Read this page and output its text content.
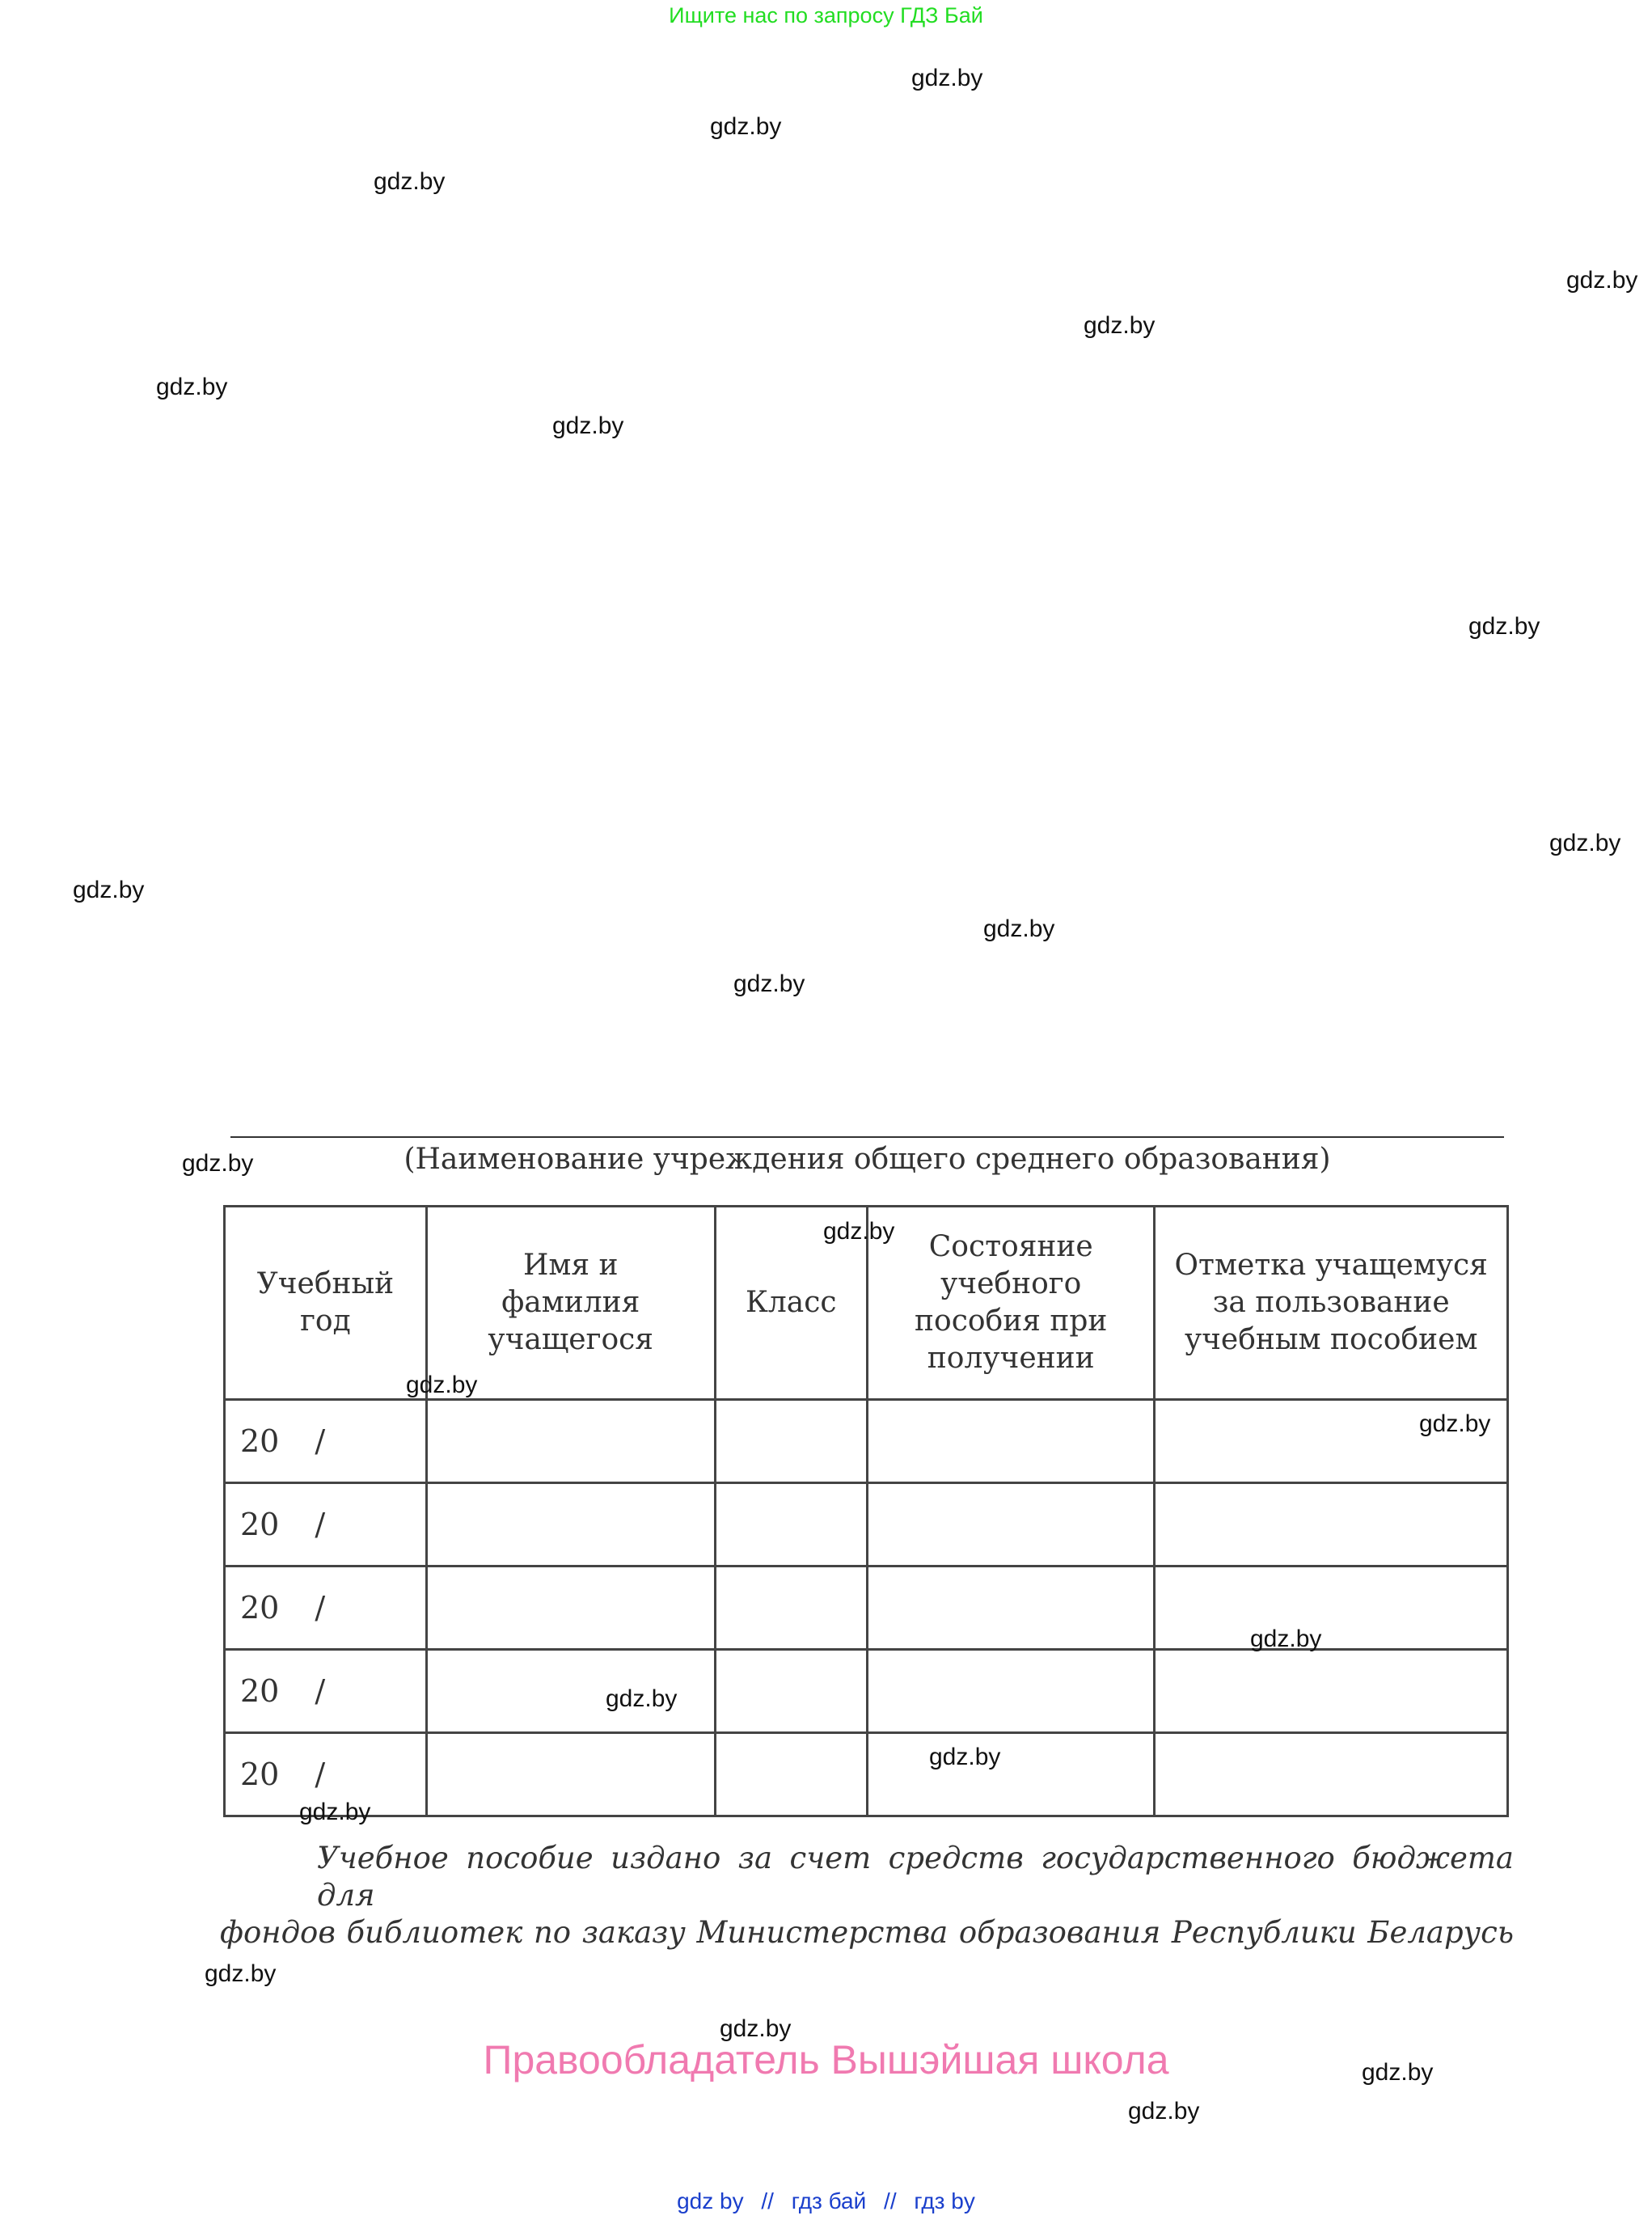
Ищите нас по запросу ГДЗ Бай
gdz.by
gdz.by
gdz.by
gdz.by
gdz.by
gdz.by
gdz.by
gdz.by
gdz.by
gdz.by
gdz.by
gdz.by
gdz.by	(Наименование учреждения общего среднего образования)
Учебный год	Имя и фамилия учащегося	Класс	Состояние учебного пособия при получении	Отметка учащемуся за пользование учебным пособием
20 /				
20 /				
20 /				
20 /				
20 /				
gdz.by
gdz.by
gdz.by
gdz.by
gdz.by
gdz.by
gdz.by
Учебное пособие издано за счет средств государственного бюджета для
фондов библиотек по заказу Министерства образования Республики Беларусь
gdz.by
gdz.by
gdz.by
gdz.by
Правообладатель Вышэйшая школа
gdz by // гдз бай // гдз by
